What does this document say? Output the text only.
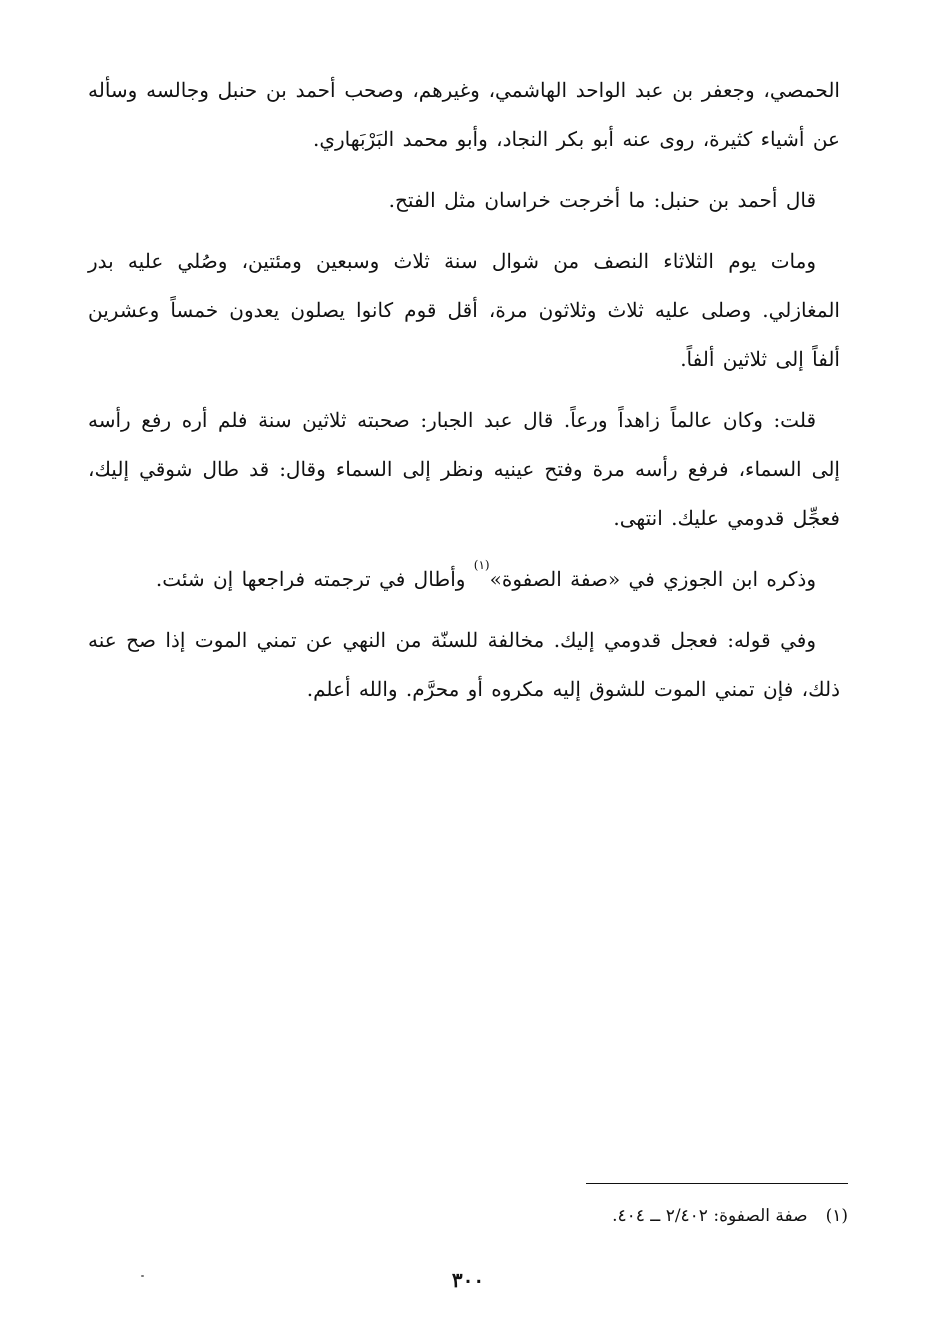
الحمصي، وجعفر بن عبد الواحد الهاشمي، وغيرهم، وصحب أحمد بن حنبل وجالسه وسأله عن أشياء كثيرة، روى عنه أبو بكر النجاد، وأبو محمد البَرْبَهاري.

قال أحمد بن حنبل: ما أخرجت خراسان مثل الفتح.

ومات يوم الثلاثاء النصف من شوال سنة ثلاث وسبعين ومئتين، وصُلي عليه بدر المغازلي. وصلى عليه ثلاث وثلاثون مرة، أقل قوم كانوا يصلون يعدون خمساً وعشرين ألفاً إلى ثلاثين ألفاً.

قلت: وكان عالماً زاهداً ورعاً. قال عبد الجبار: صحبته ثلاثين سنة فلم أره رفع رأسه إلى السماء، فرفع رأسه مرة وفتح عينيه ونظر إلى السماء وقال: قد طال شوقي إليك، فعجِّل قدومي عليك. انتهى.

وذكره ابن الجوزي في «صفة الصفوة»$^{(١)}$ وأطال في ترجمته فراجعها إن شئت.

وفي قوله: فعجل قدومي إليك. مخالفة للسنّة من النهي عن تمني الموت إذا صح عنه ذلك، فإن تمني الموت للشوق إليه مكروه أو محرَّم. والله أعلم.

(١)صفة الصفوة: ٢/٤٠٢ ــ ٤٠٤.
٣٠٠
